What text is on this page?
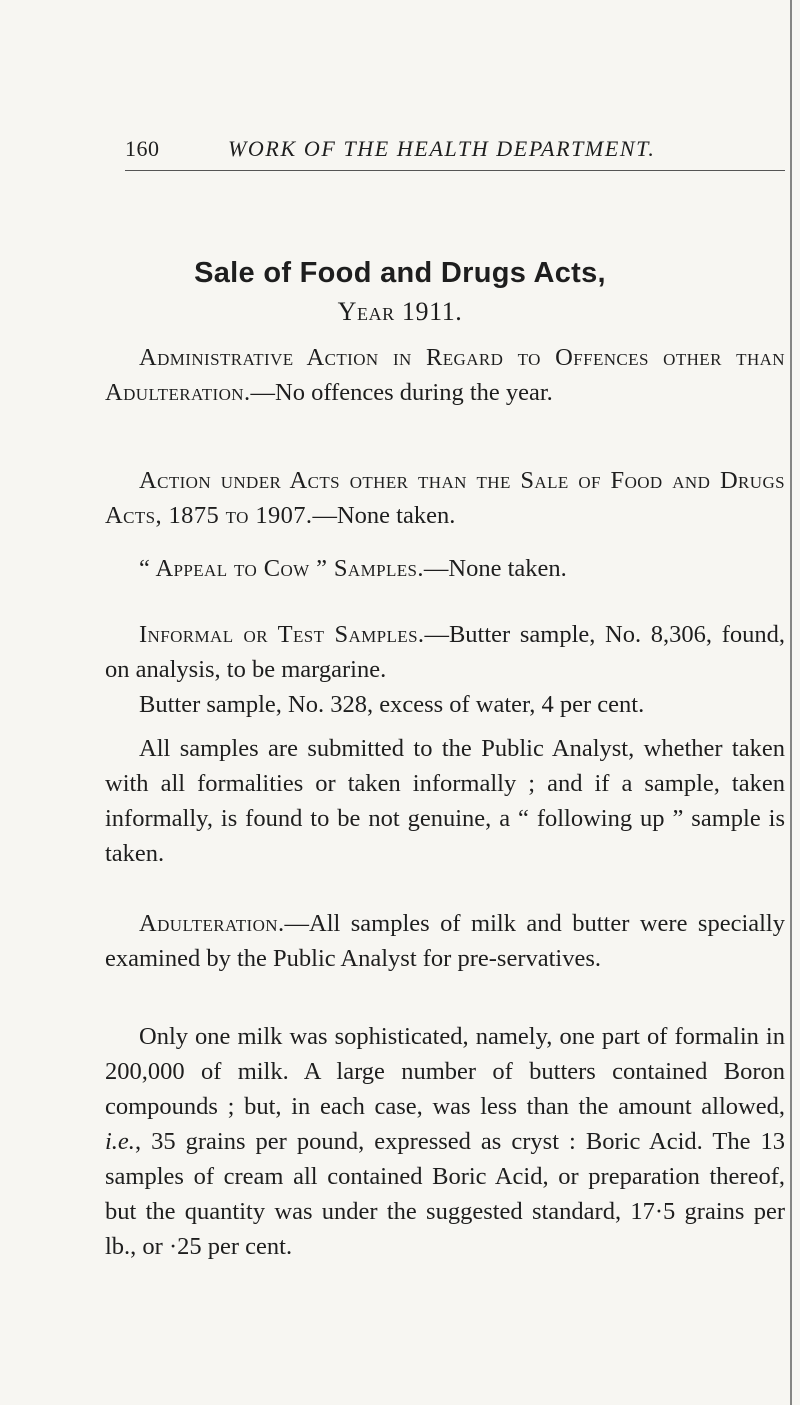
160	WORK OF THE HEALTH DEPARTMENT.
Sale of Food and Drugs Acts,
Year 1911.

Administrative Action in Regard to Offences other than Adulteration.—No offences during the year.

Action under Acts other than the Sale of Food and Drugs Acts, 1875 to 1907.—None taken.

“ Appeal to Cow ” Samples.—None taken.

Informal or Test Samples.—Butter sample, No. 8,306, found, on analysis, to be margarine.

Butter sample, No. 328, excess of water, 4 per cent.

All samples are submitted to the Public Analyst, whether taken with all formalities or taken informally ; and if a sample, taken informally, is found to be not genuine, a “ following up ” sample is taken.

Adulteration.—All samples of milk and butter were specially examined by the Public Analyst for pre-servatives.

Only one milk was sophisticated, namely, one part of formalin in 200,000 of milk. A large number of butters contained Boron compounds ; but, in each case, was less than the amount allowed, i.e., 35 grains per pound, expressed as cryst : Boric Acid. The 13 samples of cream all contained Boric Acid, or preparation thereof, but the quantity was under the suggested standard, 17·5 grains per lb., or ·25 per cent.
